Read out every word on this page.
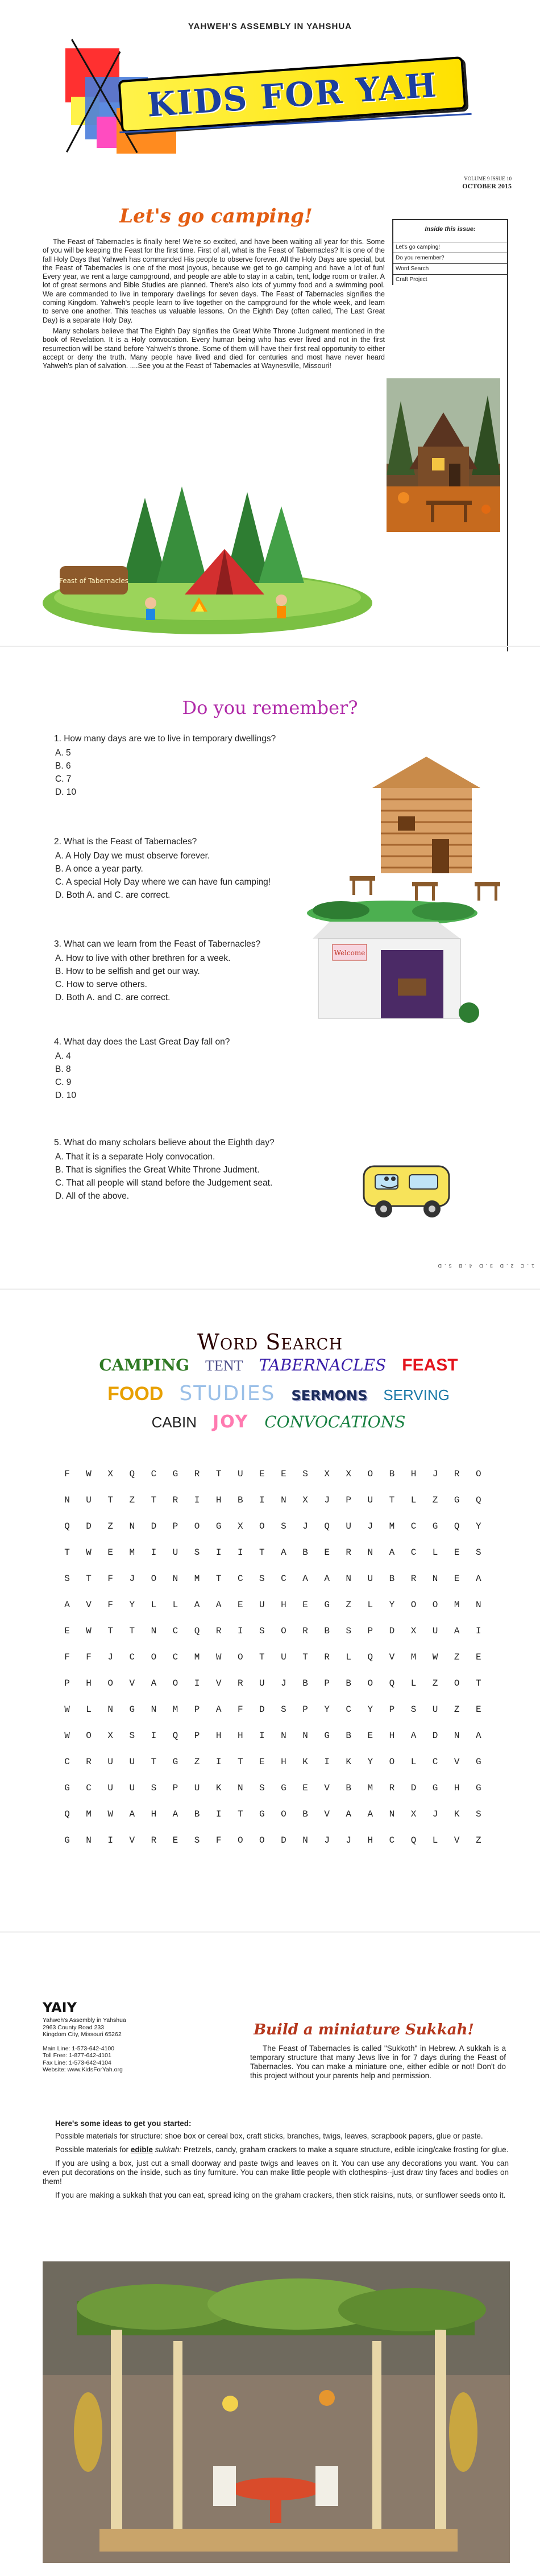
YAHWEH'S ASSEMBLY IN YAHSHUA
KIDS FOR YAH
VOLUME 9 ISSUE 10
OCTOBER 2015
Let's go camping!

The Feast of Tabernacles is finally here! We're so excited, and have been waiting all year for this. Some of you will be keeping the Feast for the first time. First of all, what is the Feast of Tabernacles? It is one of the fall Holy Days that Yahweh has commanded His people to observe forever. All the Holy Days are special, but the Feast of Tabernacles is one of the most joyous, because we get to go camping and have a lot of fun! Every year, we rent a large campground, and people are able to stay in a cabin, tent, lodge room or trailer. A lot of great sermons and Bible Studies are planned. There's also lots of yummy food and a swimming pool. We are commanded to live in temporary dwellings for seven days. The Feast of Tabernacles signifies the coming Kingdom. Yahweh's people learn to live together on the campground for the whole week, and learn to serve one another. This teaches us valuable lessons. On the Eighth Day (often called, The Last Great Day) is a separate Holy Day.

Many scholars believe that The Eighth Day signifies the Great White Throne Judgment mentioned in the book of Revelation. It is a Holy convocation. Every human being who has ever lived and not in the first resurrection will be stand before Yahweh's throne. Some of them will have their first real opportunity to either accept or deny the truth. Many people have lived and died for centuries and most have never heard Yahweh's plan of salvation. ....See you at the Feast of Tabernacles at Waynesville, Missouri!

Inside this issue:
Let's go camping!
Do you remember?
Word Search
Craft Project
Feast of Tabernacles
Do you remember?
1. How many days are we to live in temporary dwellings?
A. 5
B. 6
C. 7
D. 10
2. What is the Feast of Tabernacles?
A. A Holy Day we must observe forever.
B. A once a year party.
C. A special Holy Day where we can have fun camping!
D. Both A. and C. are correct.
3. What can we learn from the Feast of Tabernacles?
A. How to live with other brethren for a week.
B. How to be selfish and get our way.
C. How to serve others.
D. Both A. and C. are correct.
4. What day does the Last Great Day fall on?
A. 4
B. 8
C. 9
D. 10
5. What do many scholars believe about the Eighth day?
A. That it is a separate Holy convocation.
B. That is signifies the Great White Throne Judment.
C. That all people will stand before the Judgement seat.
D. All of the above.
Welcome
1.C 2.D 3.D 4.B 5.D
Word Search
CAMPING TENT TABERNACLES FEAST
FOOD STUDIES SERMONS SERVING
CABIN JOY CONVOCATIONS
F	W	X	Q	C	G	R	T	U	E	E	S	X	X	O	B	H	J	R	O
N	U	T	Z	T	R	I	H	B	I	N	X	J	P	U	T	L	Z	G	Q
Q	D	Z	N	D	P	O	G	X	O	S	J	Q	U	J	M	C	G	Q	Y
T	W	E	M	I	U	S	I	I	T	A	B	E	R	N	A	C	L	E	S
S	T	F	J	O	N	M	T	C	S	C	A	A	N	U	B	R	N	E	A
A	V	F	Y	L	L	A	A	E	U	H	E	G	Z	L	Y	O	O	M	N
E	W	T	T	N	C	Q	R	I	S	O	R	B	S	P	D	X	U	A	I
F	F	J	C	O	C	M	W	O	T	U	T	R	L	Q	V	M	W	Z	E
P	H	O	V	A	O	I	V	R	U	J	B	P	B	O	Q	L	Z	O	T
W	L	N	G	N	M	P	A	F	D	S	P	Y	C	Y	P	S	U	Z	E
W	O	X	S	I	Q	P	H	H	I	N	N	G	B	E	H	A	D	N	A
C	R	U	U	T	G	Z	I	T	E	H	K	I	K	Y	O	L	C	V	G
G	C	U	U	S	P	U	K	N	S	G	E	V	B	M	R	D	G	H	G
Q	M	W	A	H	A	B	I	T	G	O	B	V	A	A	N	X	J	K	S
G	N	I	V	R	E	S	F	O	O	D	N	J	J	H	C	Q	L	V	Z
YAIY
Yahweh's Assembly in Yahshua
2963 County Road 233
Kingdom City, Missouri 65262
Main Line: 1-573-642-4100
Toll Free: 1-877-642-4101
Fax Line: 1-573-642-4104
Website: www.KidsForYah.org
Build a miniature Sukkah!
The Feast of Tabernacles is called "Sukkoth" in Hebrew. A sukkah is a temporary structure that many Jews live in for 7 days during the Feast of Tabernacles. You can make a miniature one, either edible or not! Don't do this project without your parents help and permission.
Here's some ideas to get you started:

Possible materials for structure: shoe box or cereal box, craft sticks, branches, twigs, leaves, scrapbook papers, glue or paste.

Possible materials for edible sukkah: Pretzels, candy, graham crackers to make a square structure, edible icing/cake frosting for glue.

If you are using a box, just cut a small doorway and paste twigs and leaves on it. You can use any decorations you want. You can even put decorations on the inside, such as tiny furniture. You can make little people with clothespins--just draw tiny faces and bodies on them!

If you are making a sukkah that you can eat, spread icing on the graham crackers, then stick raisins, nuts, or sunflower seeds onto it.
